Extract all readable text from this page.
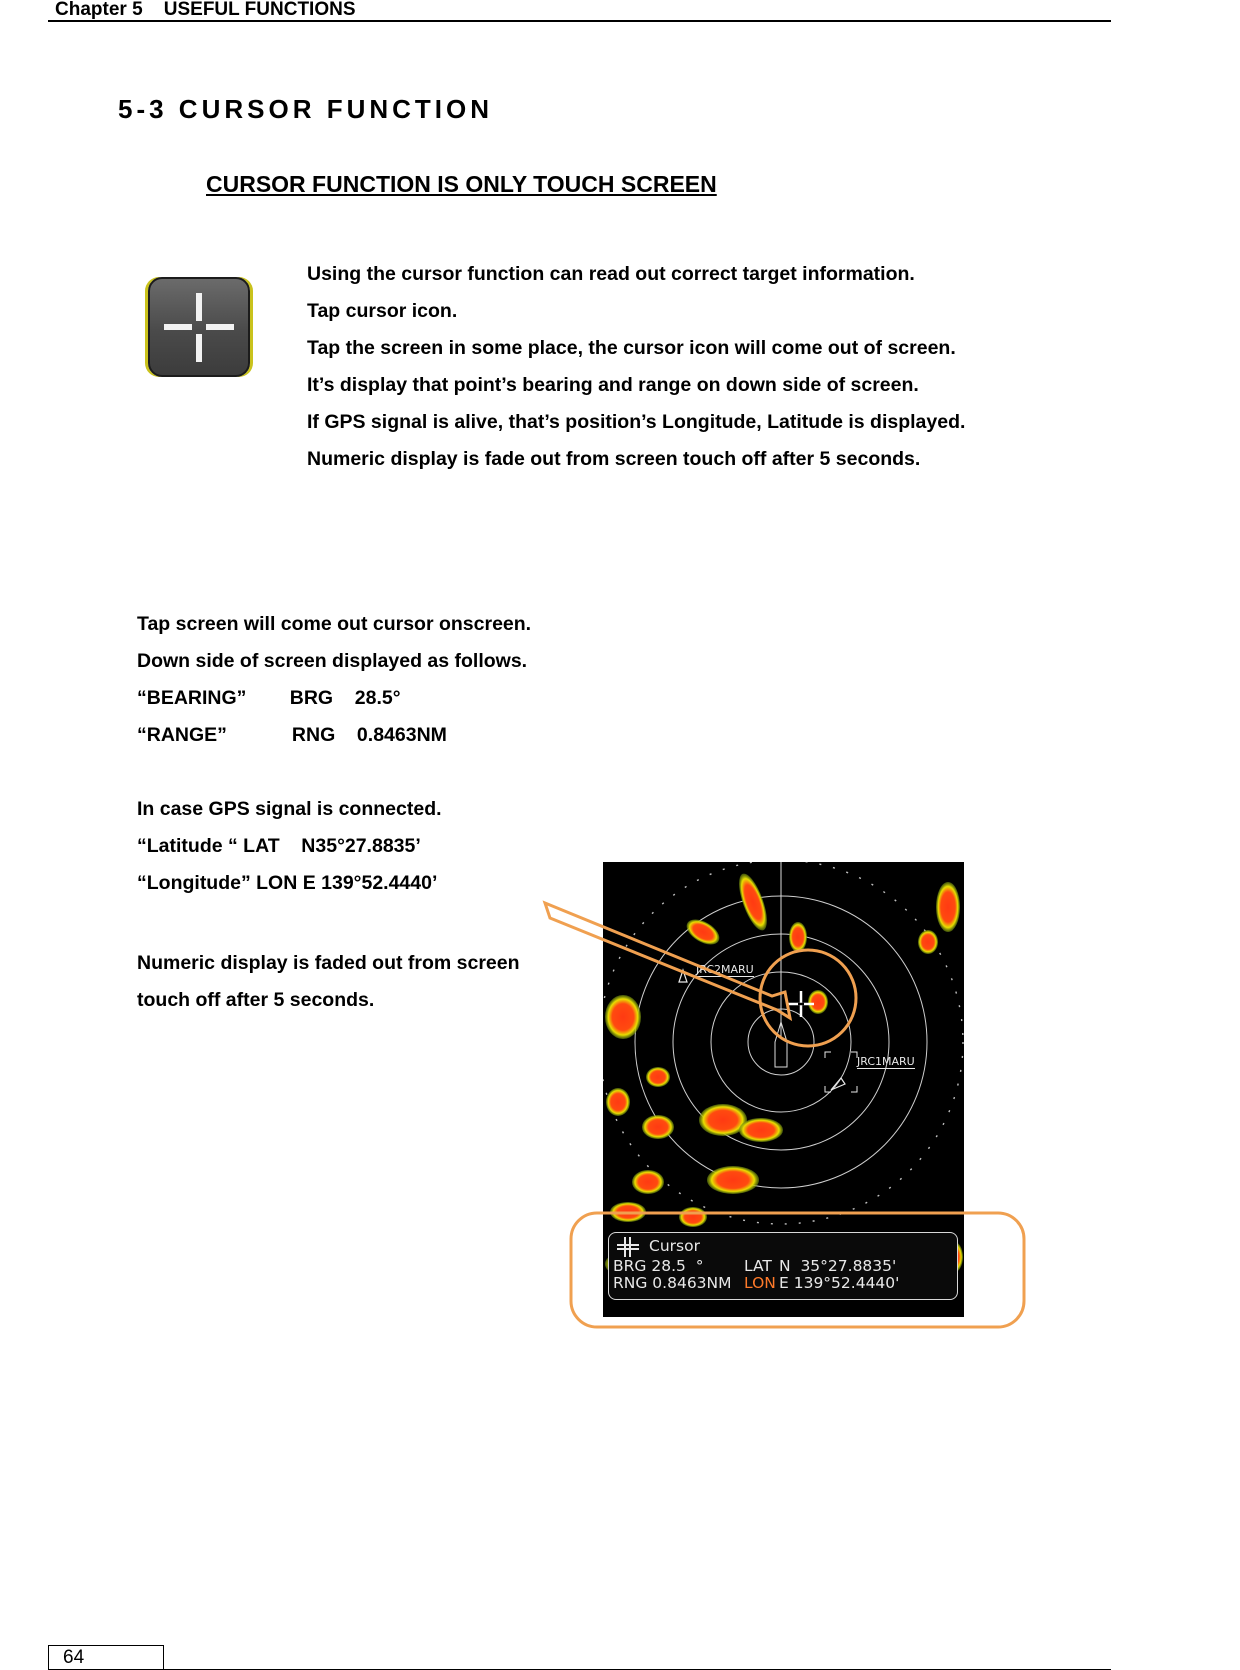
Chapter 5    USEFUL FUNCTIONS
5-3 CURSOR FUNCTION
CURSOR FUNCTION IS ONLY TOUCH SCREEN
Using the cursor function can read out correct target information.
Tap cursor icon.
Tap the screen in some place, the cursor icon will come out of screen.
It’s display that point’s bearing and range on down side of screen.
If GPS signal is alive, that’s position’s Longitude, Latitude is displayed.
Numeric display is fade out from screen touch off after 5 seconds.
Tap screen will come out cursor onscreen.
Down side of screen displayed as follows.
“BEARING”        BRG    28.5°
“RANGE”            RNG    0.8463NM
In case GPS signal is connected.
“Latitude “ LAT    N35°27.8835’
“Longitude” LON E 139°52.4440’
Numeric display is faded out from screen
touch off after 5 seconds.
JRC2MARU
JRC1MARU
Cursor
BRG 28.5  °
RNG 0.8463NM
LAT N  35°27.8835'
LON E 139°52.4440'
64
